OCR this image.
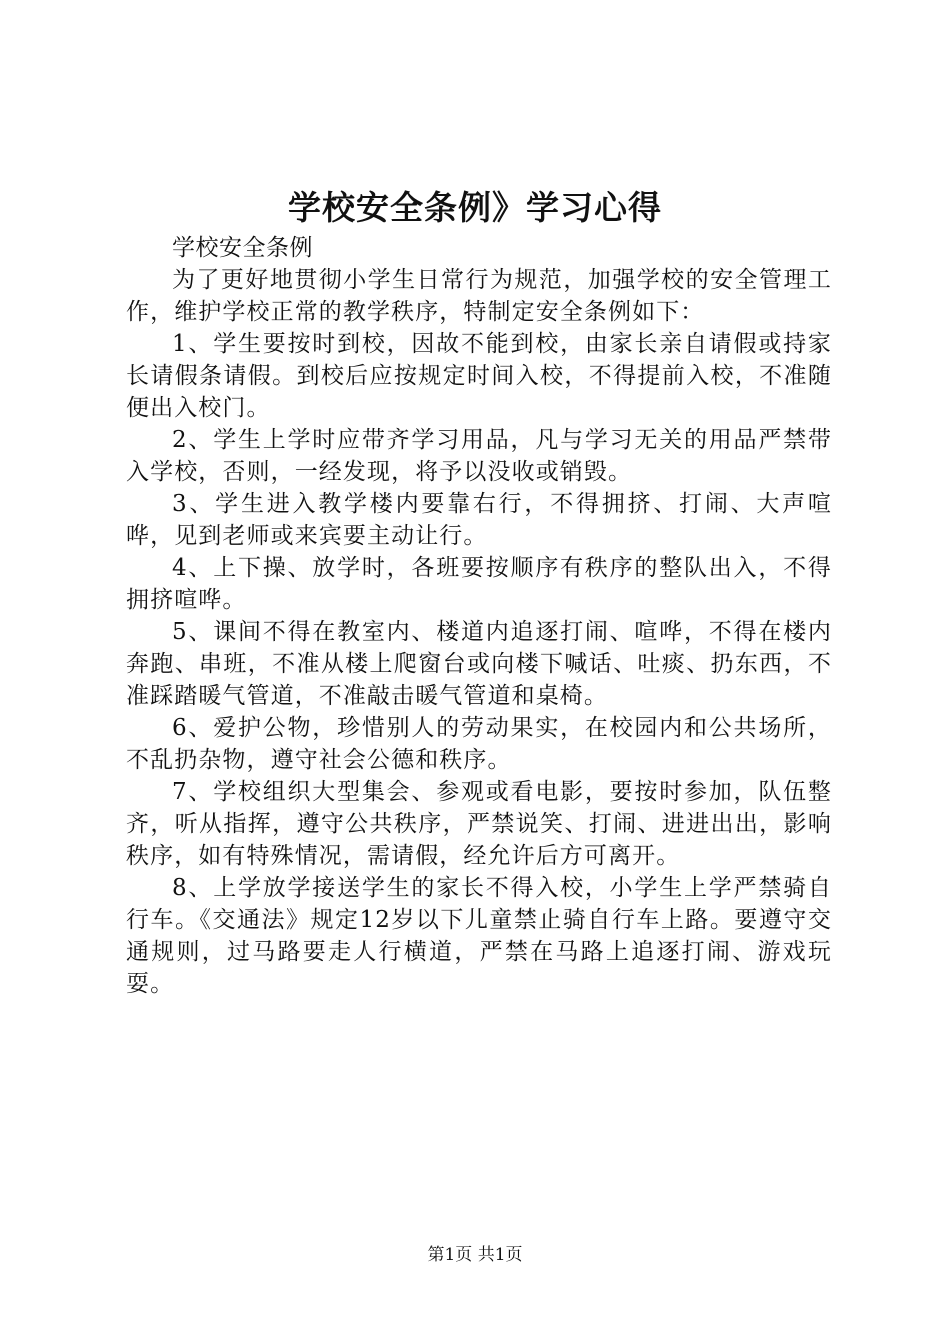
学校安全条例》学习心得

学校安全条例

为了更好地贯彻小学生日常行为规范，加强学校的安全管理工作，维护学校正常的教学秩序，特制定安全条例如下：

1、学生要按时到校，因故不能到校，由家长亲自请假或持家长请假条请假。到校后应按规定时间入校，不得提前入校，不准随便出入校门。

2、学生上学时应带齐学习用品，凡与学习无关的用品严禁带入学校，否则，一经发现，将予以没收或销毁。

3、学生进入教学楼内要靠右行，不得拥挤、打闹、大声喧哗，见到老师或来宾要主动让行。

4、上下操、放学时，各班要按顺序有秩序的整队出入，不得拥挤喧哗。

5、课间不得在教室内、楼道内追逐打闹、喧哗，不得在楼内奔跑、串班，不准从楼上爬窗台或向楼下喊话、吐痰、扔东西，不准踩踏暖气管道，不准敲击暖气管道和桌椅。

6、爱护公物，珍惜别人的劳动果实，在校园内和公共场所，不乱扔杂物，遵守社会公德和秩序。

7、学校组织大型集会、参观或看电影，要按时参加，队伍整齐，听从指挥，遵守公共秩序，严禁说笑、打闹、进进出出，影响秩序，如有特殊情况，需请假，经允许后方可离开。

8、上学放学接送学生的家长不得入校，小学生上学严禁骑自行车。《交通法》规定12岁以下儿童禁止骑自行车上路。要遵守交通规则，过马路要走人行横道，严禁在马路上追逐打闹、游戏玩耍。

第1页 共1页
